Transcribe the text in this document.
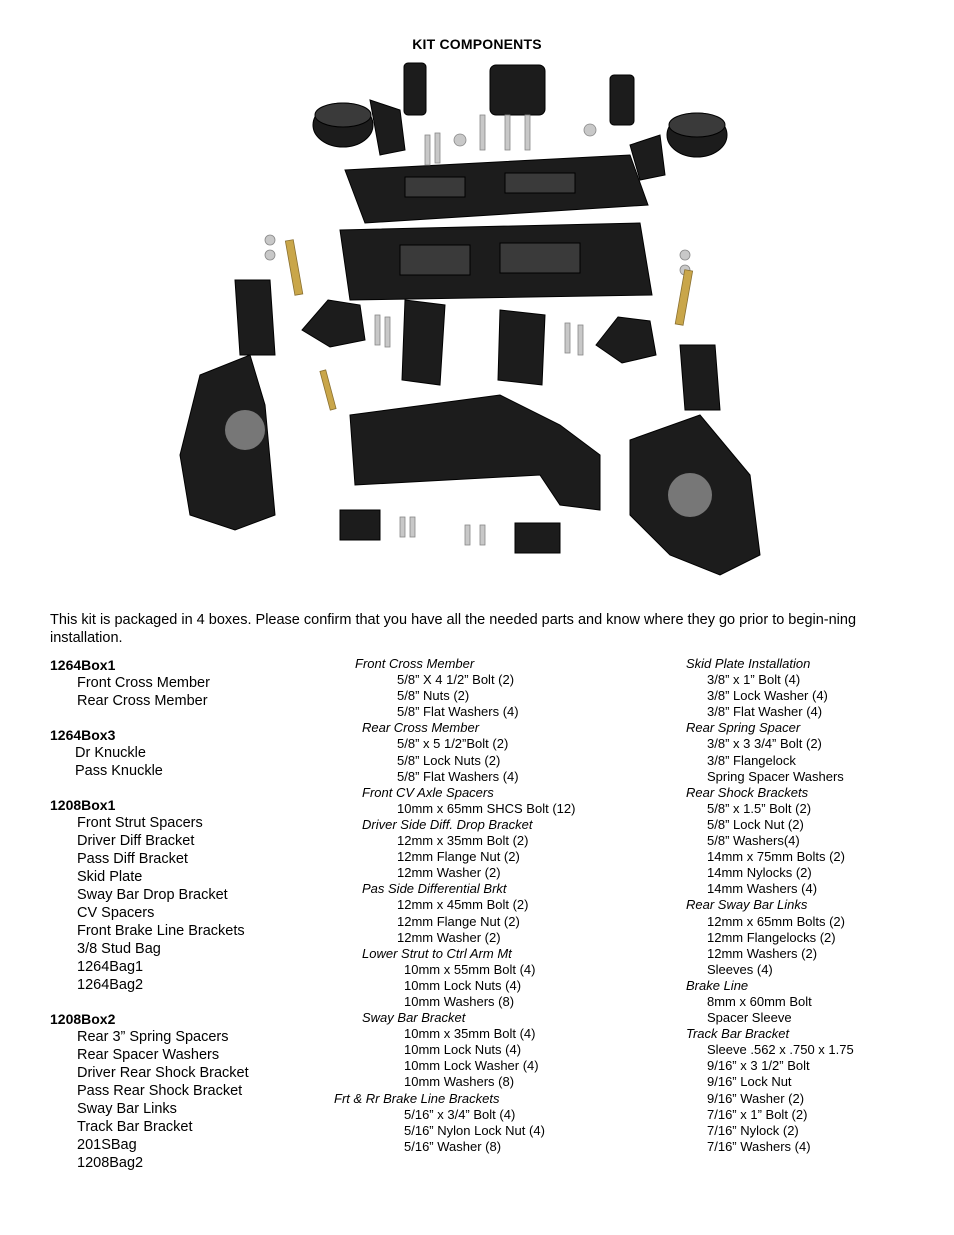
KIT COMPONENTS
This kit is packaged in 4 boxes. Please confirm that you have all the needed parts and know where they go prior to begin-ning installation.
1264Box1
Front Cross Member
Rear Cross Member
1264Box3
Dr Knuckle
Pass Knuckle
1208Box1
Front Strut Spacers
Driver Diff Bracket
Pass Diff Bracket
Skid Plate
Sway Bar Drop Bracket
CV Spacers
Front Brake Line Brackets
3/8 Stud Bag
1264Bag1
1264Bag2
1208Box2
Rear 3” Spring Spacers
Rear Spacer Washers
Driver Rear Shock Bracket
Pass Rear Shock Bracket
Sway Bar Links
Track Bar Bracket
201SBag
1208Bag2
Front Cross Member
5/8” X 4 1/2” Bolt (2)
5/8” Nuts (2)
5/8” Flat Washers (4)
Rear Cross Member
5/8” x 5 1/2”Bolt (2)
5/8” Lock Nuts (2)
5/8” Flat Washers (4)
Front CV Axle Spacers
10mm x 65mm SHCS Bolt (12)
Driver Side Diff. Drop Bracket
12mm x 35mm Bolt (2)
12mm Flange Nut (2)
12mm Washer (2)
Pas Side Differential Brkt
12mm x 45mm Bolt (2)
12mm Flange Nut (2)
12mm Washer (2)
Lower Strut to Ctrl Arm Mt
10mm x 55mm Bolt (4)
10mm Lock Nuts (4)
10mm Washers (8)
Sway Bar Bracket
10mm x 35mm Bolt (4)
10mm Lock Nuts (4)
10mm Lock Washer (4)
10mm Washers (8)
Frt & Rr Brake Line Brackets
5/16” x 3/4” Bolt (4)
5/16” Nylon Lock Nut (4)
5/16” Washer (8)
Skid Plate Installation
3/8” x 1” Bolt (4)
3/8” Lock Washer (4)
3/8” Flat Washer (4)
Rear Spring Spacer
3/8” x 3 3/4” Bolt (2)
3/8” Flangelock
Spring Spacer Washers
Rear Shock Brackets
5/8” x 1.5” Bolt (2)
5/8” Lock Nut (2)
5/8” Washers(4)
14mm x 75mm Bolts (2)
14mm Nylocks (2)
14mm Washers (4)
Rear Sway Bar Links
12mm x 65mm Bolts (2)
12mm Flangelocks (2)
12mm Washers (2)
Sleeves (4)
Brake Line
8mm x 60mm Bolt
Spacer Sleeve
Track Bar Bracket
Sleeve .562 x .750 x 1.75
9/16” x 3 1/2” Bolt
9/16” Lock Nut
9/16” Washer (2)
7/16” x 1” Bolt (2)
7/16” Nylock (2)
7/16” Washers (4)
